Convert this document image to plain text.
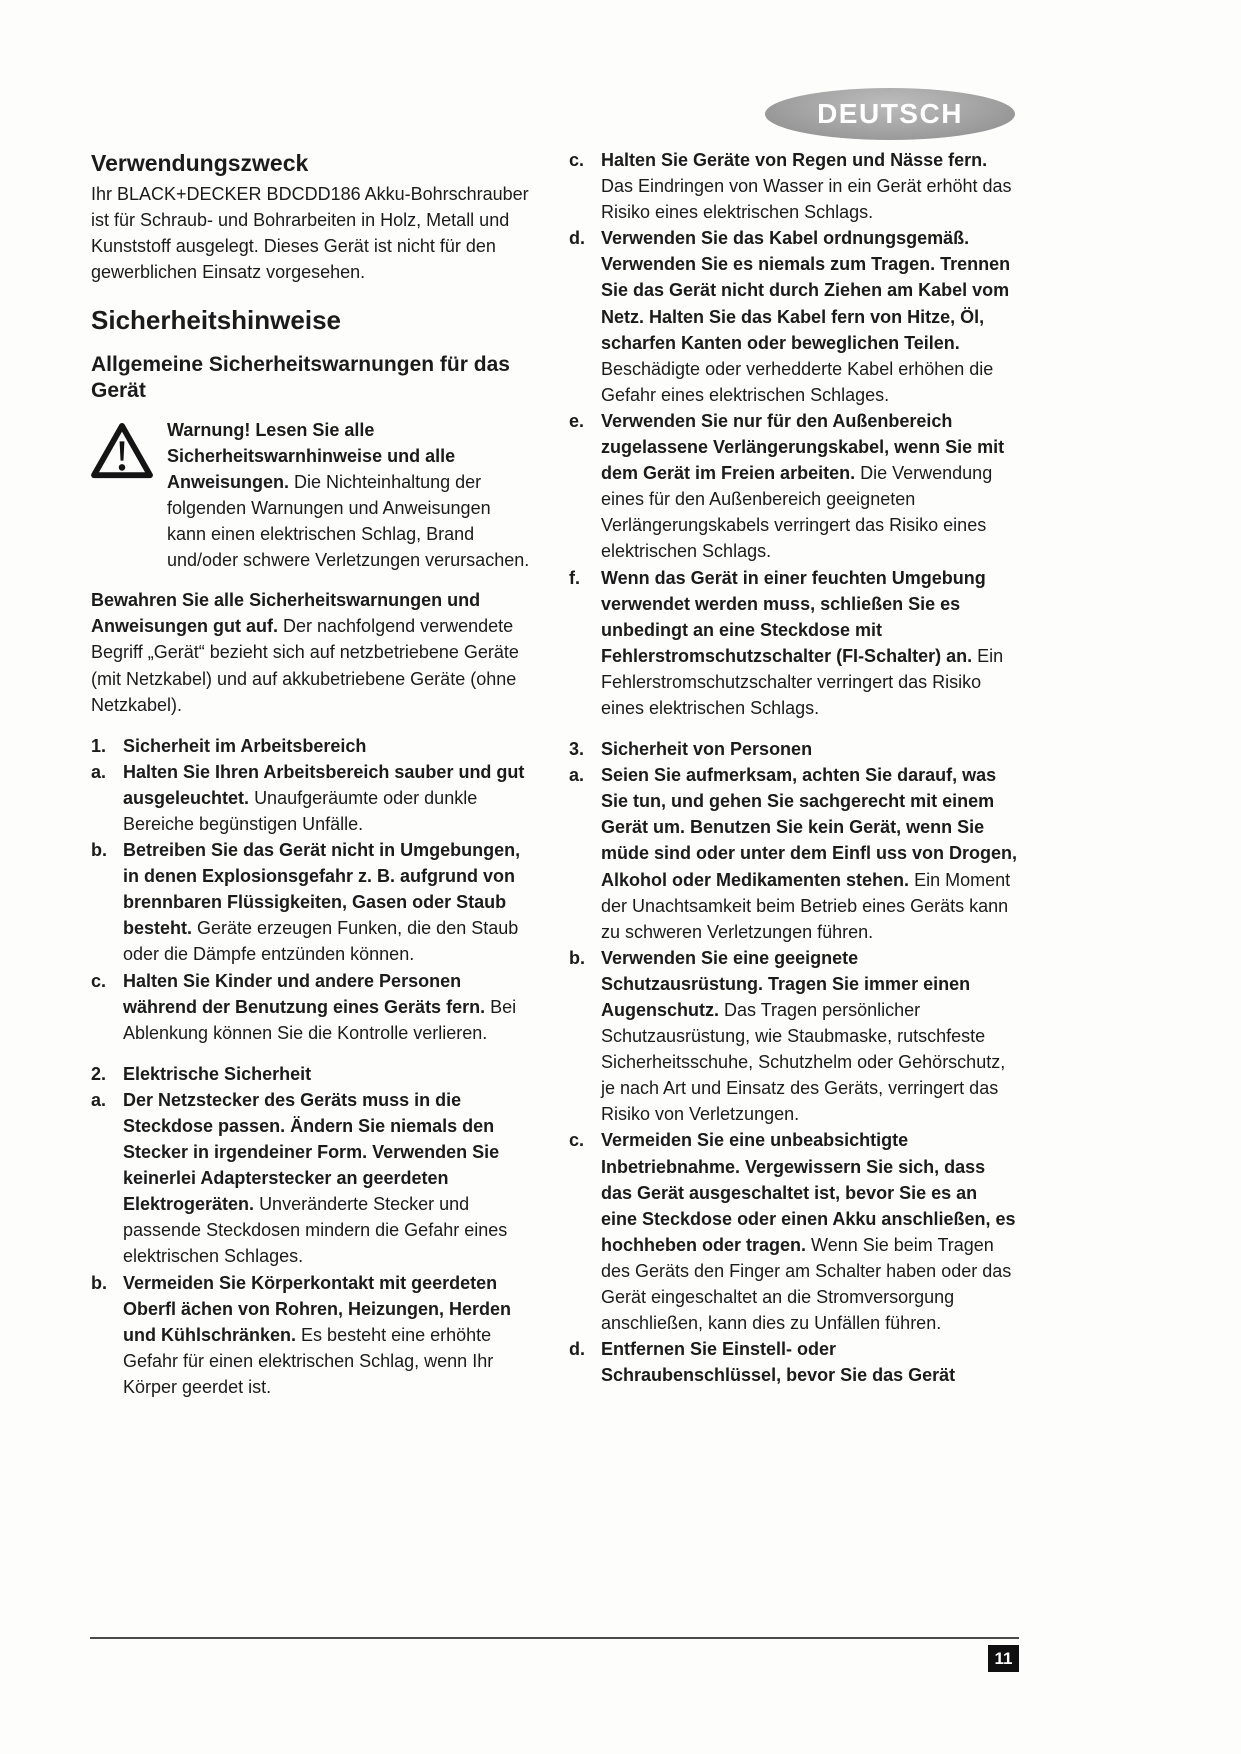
DEUTSCH
Verwendungszweck

Ihr BLACK+DECKER BDCDD186 Akku-Bohrschrauber ist für Schraub- und Bohrarbeiten in Holz, Metall und Kunststoff ausgelegt. Dieses Gerät ist nicht für den gewerblichen Einsatz vorgesehen.

Sicherheitshinweise
Allgemeine Sicherheitswarnungen für das Gerät

Warnung! Lesen Sie alle Sicherheitswarnhinweise und alle Anweisungen. Die Nichteinhaltung der folgenden Warnungen und Anweisungen kann einen elektrischen Schlag, Brand und/oder schwere Verletzungen verursachen.

Bewahren Sie alle Sicherheitswarnungen und Anweisungen gut auf. Der nachfolgend verwendete Begriff „Gerät“ bezieht sich auf netzbetriebene Geräte (mit Netzkabel) und auf akkubetriebene Geräte (ohne Netzkabel).

1. Sicherheit im Arbeitsbereich
a. Halten Sie Ihren Arbeitsbereich sauber und gut ausgeleuchtet. Unaufgeräumte oder dunkle Bereiche begünstigen Unfälle.
b. Betreiben Sie das Gerät nicht in Umgebungen, in denen Explosionsgefahr z. B. aufgrund von brennbaren Flüssigkeiten, Gasen oder Staub besteht. Geräte erzeugen Funken, die den Staub oder die Dämpfe entzünden können.
c. Halten Sie Kinder und andere Personen während der Benutzung eines Geräts fern. Bei Ablenkung können Sie die Kontrolle verlieren.
2. Elektrische Sicherheit
a. Der Netzstecker des Geräts muss in die Steckdose passen. Ändern Sie niemals den Stecker in irgendeiner Form. Verwenden Sie keinerlei Adapterstecker an geerdeten Elektrogeräten. Unveränderte Stecker und passende Steckdosen mindern die Gefahr eines elektrischen Schlages.
b. Vermeiden Sie Körperkontakt mit geerdeten Oberfl ächen von Rohren, Heizungen, Herden und Kühlschränken. Es besteht eine erhöhte Gefahr für einen elektrischen Schlag, wenn Ihr Körper geerdet ist.
c. Halten Sie Geräte von Regen und Nässe fern. Das Eindringen von Wasser in ein Gerät erhöht das Risiko eines elektrischen Schlags.
d. Verwenden Sie das Kabel ordnungsgemäß. Verwenden Sie es niemals zum Tragen. Trennen Sie das Gerät nicht durch Ziehen am Kabel vom Netz. Halten Sie das Kabel fern von Hitze, Öl, scharfen Kanten oder beweglichen Teilen. Beschädigte oder verhedderte Kabel erhöhen die Gefahr eines elektrischen Schlages.
e. Verwenden Sie nur für den Außenbereich zugelassene Verlängerungskabel, wenn Sie mit dem Gerät im Freien arbeiten. Die Verwendung eines für den Außenbereich geeigneten Verlängerungskabels verringert das Risiko eines elektrischen Schlags.
f.	Wenn das Gerät in einer feuchten Umgebung verwendet werden muss, schließen Sie es unbedingt an eine Steckdose mit Fehlerstromschutzschalter (FI-Schalter) an. Ein Fehlerstromschutzschalter verringert das Risiko eines elektrischen Schlags.
3. Sicherheit von Personen
a. Seien Sie aufmerksam, achten Sie darauf, was Sie tun, und gehen Sie sachgerecht mit einem Gerät um. Benutzen Sie kein Gerät, wenn Sie müde sind oder unter dem Einfl uss von Drogen, Alkohol oder Medikamenten stehen. Ein Moment der Unachtsamkeit beim Betrieb eines Geräts kann zu schweren Verletzungen führen.
b. Verwenden Sie eine geeignete Schutzausrüstung. Tragen Sie immer einen Augenschutz. Das Tragen persönlicher Schutzausrüstung, wie Staubmaske, rutschfeste Sicherheitsschuhe, Schutzhelm oder Gehörschutz, je nach Art und Einsatz des Geräts, verringert das Risiko von Verletzungen.
c. Vermeiden Sie eine unbeabsichtigte Inbetriebnahme. Vergewissern Sie sich, dass das Gerät ausgeschaltet ist, bevor Sie es an eine Steckdose oder einen Akku anschließen, es hochheben oder tragen. Wenn Sie beim Tragen des Geräts den Finger am Schalter haben oder das Gerät eingeschaltet an die Stromversorgung anschließen, kann dies zu Unfällen führen.
d. Entfernen Sie Einstell- oder Schraubenschlüssel, bevor Sie das Gerät
11
